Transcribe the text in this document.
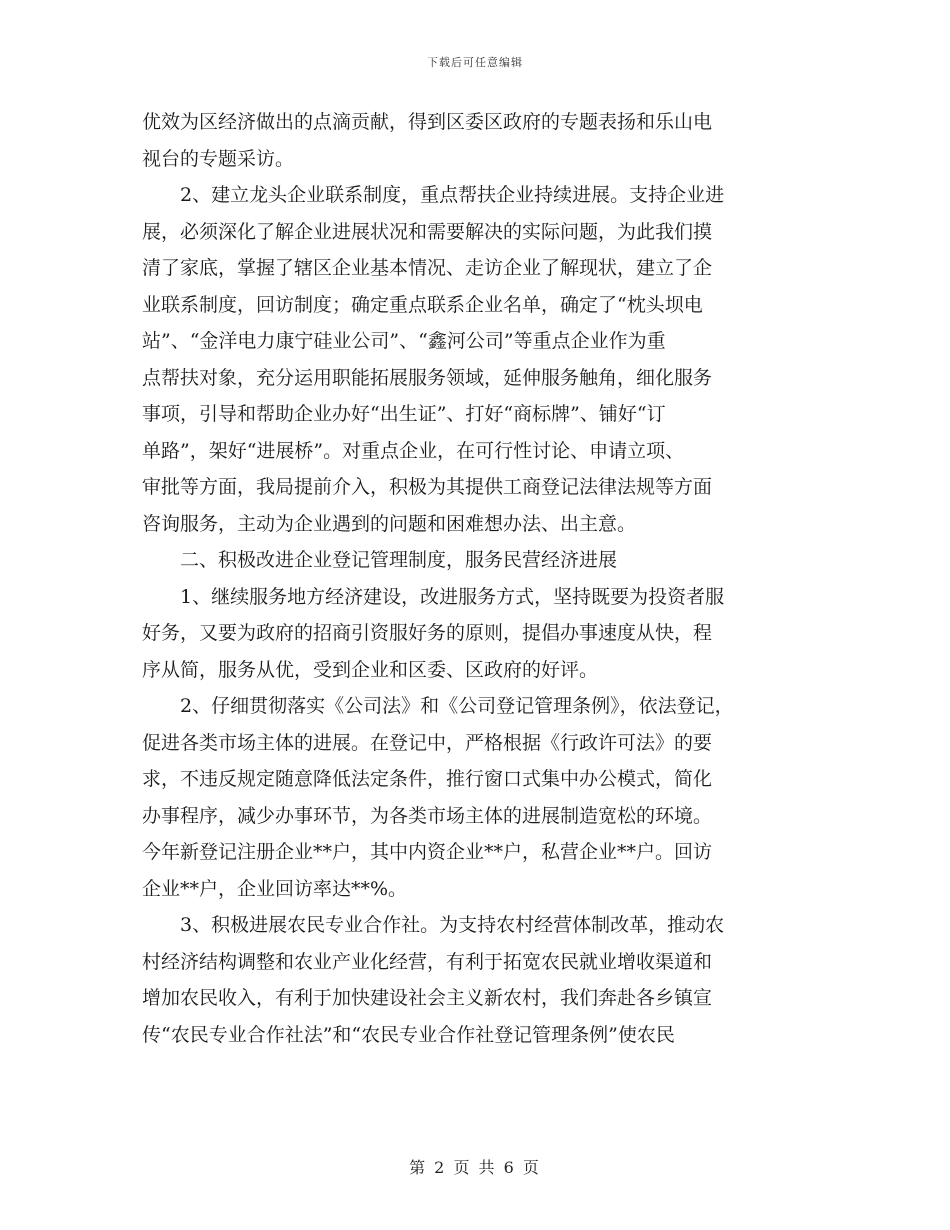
下载后可任意编辑

优效为区经济做出的点滴贡献，得到区委区政府的专题表扬和乐山电
视台的专题采访。

2、建立龙头企业联系制度，重点帮扶企业持续进展。支持企业进
展，必须深化了解企业进展状况和需要解决的实际问题，为此我们摸
清了家底，掌握了辖区企业基本情况、走访企业了解现状，建立了企
业联系制度，回访制度；确定重点联系企业名单，确定了“枕头坝电
站”、“金洋电力康宁硅业公司”、“鑫河公司”等重点企业作为重
点帮扶对象，充分运用职能拓展服务领域，延伸服务触角，细化服务
事项，引导和帮助企业办好“出生证”、打好“商标牌”、铺好“订
单路”，架好“进展桥”。对重点企业，在可行性讨论、申请立项、
审批等方面，我局提前介入，积极为其提供工商登记法律法规等方面
咨询服务，主动为企业遇到的问题和困难想办法、出主意。

二、积极改进企业登记管理制度，服务民营经济进展

1、继续服务地方经济建设，改进服务方式，坚持既要为投资者服
好务，又要为政府的招商引资服好务的原则，提倡办事速度从快，程
序从简，服务从优，受到企业和区委、区政府的好评。

2、仔细贯彻落实《公司法》和《公司登记管理条例》，依法登记，
促进各类市场主体的进展。在登记中，严格根据《行政许可法》的要
求，不违反规定随意降低法定条件，推行窗口式集中办公模式，简化
办事程序，减少办事环节，为各类市场主体的进展制造宽松的环境。
今年新登记注册企业**户，其中内资企业**户，私营企业**户。回访
企业**户，企业回访率达**%。

3、积极进展农民专业合作社。为支持农村经营体制改革，推动农
村经济结构调整和农业产业化经营，有利于拓宽农民就业增收渠道和
增加农民收入，有利于加快建设社会主义新农村，我们奔赴各乡镇宣
传“农民专业合作社法”和“农民专业合作社登记管理条例”使农民

第 2 页 共 6 页
